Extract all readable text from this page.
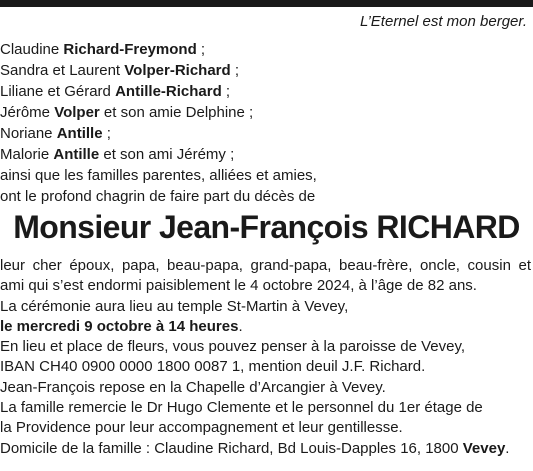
L’Eternel est mon berger.
Claudine Richard-Freymond ;
Sandra et Laurent Volper-Richard ;
Liliane et Gérard Antille-Richard ;
Jérôme Volper et son amie Delphine ;
Noriane Antille ;
Malorie Antille et son ami Jérémy ;
ainsi que les familles parentes, alliées et amies,
ont le profond chagrin de faire part du décès de
Monsieur Jean-François RICHARD
leur cher époux, papa, beau-papa, grand-papa, beau-frère, oncle, cousin et
ami qui s’est endormi paisiblement le 4 octobre 2024, à l’âge de 82 ans.
La cérémonie aura lieu au temple St-Martin à Vevey,
le mercredi 9 octobre à 14 heures.
En lieu et place de fleurs, vous pouvez penser à la paroisse de Vevey,
IBAN CH40 0900 0000 1800 0087 1, mention deuil J.F. Richard.
Jean-François repose en la Chapelle d’Arcangier à Vevey.
La famille remercie le Dr Hugo Clemente et le personnel du 1er étage de
la Providence pour leur accompagnement et leur gentillesse.
Domicile de la famille : Claudine Richard, Bd Louis-Dapples 16, 1800 Vevey.
